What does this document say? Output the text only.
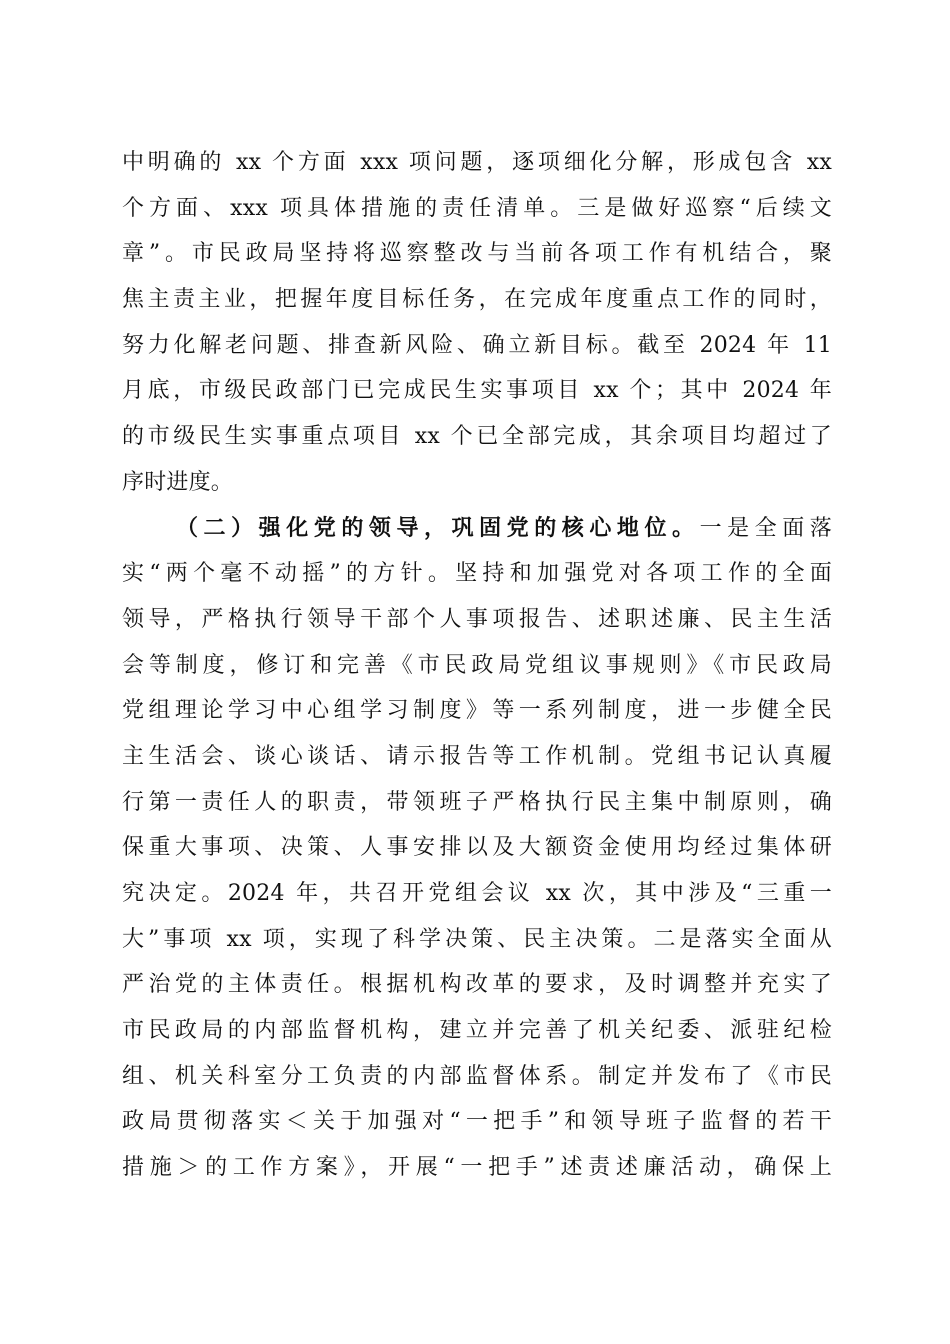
中明确的 xx 个方面 xxx 项问题，逐项细化分解，形成包含 xx
个方面、xxx 项具体措施的责任清单。三是做好巡察“后续文
章”。市民政局坚持将巡察整改与当前各项工作有机结合，聚
焦主责主业，把握年度目标任务，在完成年度重点工作的同时，
努力化解老问题、排查新风险、确立新目标。截至 2024 年 11
月底，市级民政部门已完成民生实事项目 xx 个；其中 2024 年
的市级民生实事重点项目 xx 个已全部完成，其余项目均超过了
序时进度。
（二）强化党的领导，巩固党的核心地位。一是全面落
实“两个毫不动摇”的方针。坚持和加强党对各项工作的全面
领导，严格执行领导干部个人事项报告、述职述廉、民主生活
会等制度，修订和完善《市民政局党组议事规则》《市民政局
党组理论学习中心组学习制度》等一系列制度，进一步健全民
主生活会、谈心谈话、请示报告等工作机制。党组书记认真履
行第一责任人的职责，带领班子严格执行民主集中制原则，确
保重大事项、决策、人事安排以及大额资金使用均经过集体研
究决定。2024 年，共召开党组会议 xx 次，其中涉及“三重一
大”事项 xx 项，实现了科学决策、民主决策。二是落实全面从
严治党的主体责任。根据机构改革的要求，及时调整并充实了
市民政局的内部监督机构，建立并完善了机关纪委、派驻纪检
组、机关科室分工负责的内部监督体系。制定并发布了《市民
政局贯彻落实＜关于加强对“一把手”和领导班子监督的若干
措施＞的工作方案》，开展“一把手”述责述廉活动，确保上
